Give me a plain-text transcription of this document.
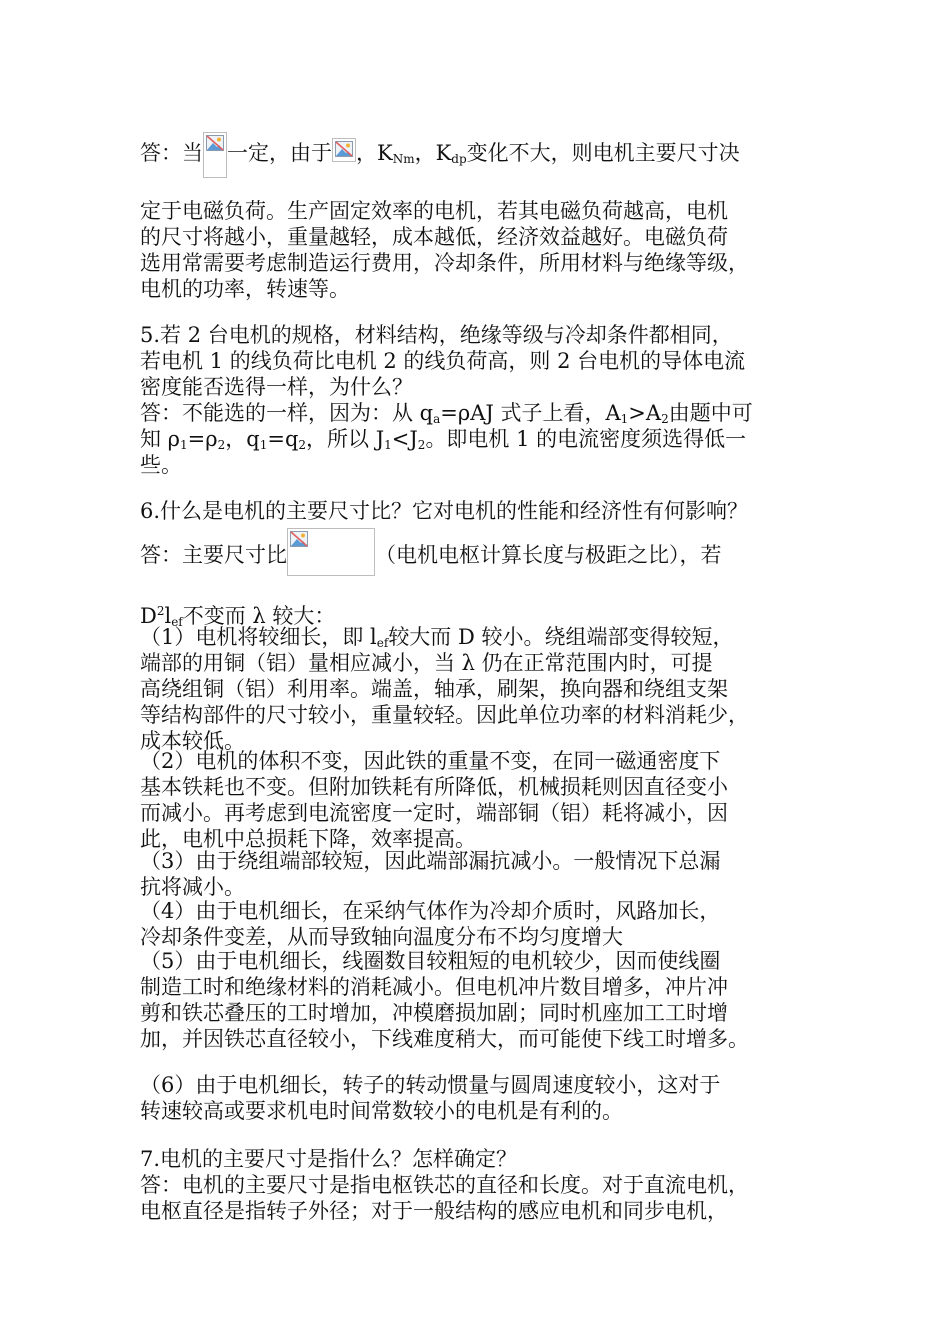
答：当 一定，由于 ，$K_{Nm}$，$K_{dp}$变化不大，则电机主要尺寸决
定于电磁负荷。生产固定效率的电机，若其电磁负荷越高，电机
的尺寸将越小，重量越轻，成本越低，经济效益越好。电磁负荷
选用常需要考虑制造运行费用，冷却条件，所用材料与绝缘等级，
电机的功率，转速等。
5.若 2 台电机的规格，材料结构，绝缘等级与冷却条件都相同，
若电机 1 的线负荷比电机 2 的线负荷高，则 2 台电机的导体电流
密度能否选得一样，为什么？
答：不能选的一样，因为：从 $q_a=\rho AJ$ 式子上看，$A_1>A_2$由题中可
知 $\rho_1=\rho_2$，$q_1=q_2$，所以 $J_1<J_2$。即电机 1 的电流密度须选得低一
些。
6.什么是电机的主要尺寸比？它对电机的性能和经济性有何影响？
答：主要尺寸比	（电机电枢计算长度与极距之比），若
$D^2l_{ef}$不变而 λ 较大：
（1）电机将较细长，即 $l_{ef}$较大而 D 较小。绕组端部变得较短，
端部的用铜（铝）量相应减小，当 λ 仍在正常范围内时，可提
高绕组铜（铝）利用率。端盖，轴承，刷架，换向器和绕组支架
等结构部件的尺寸较小，重量较轻。因此单位功率的材料消耗少，
成本较低。
（2）电机的体积不变，因此铁的重量不变，在同一磁通密度下
基本铁耗也不变。但附加铁耗有所降低，机械损耗则因直径变小
而减小。再考虑到电流密度一定时，端部铜（铝）耗将减小，因
此，电机中总损耗下降，效率提高。
（3）由于绕组端部较短，因此端部漏抗减小。一般情况下总漏
抗将减小。
（4）由于电机细长，在采纳气体作为冷却介质时，风路加长，
冷却条件变差，从而导致轴向温度分布不均匀度增大
（5）由于电机细长，线圈数目较粗短的电机较少，因而使线圈
制造工时和绝缘材料的消耗减小。但电机冲片数目增多，冲片冲
剪和铁芯叠压的工时增加，冲模磨损加剧；同时机座加工工时增
加，并因铁芯直径较小，下线难度稍大，而可能使下线工时增多。
（6）由于电机细长，转子的转动惯量与圆周速度较小，这对于
转速较高或要求机电时间常数较小的电机是有利的。
7.电机的主要尺寸是指什么？怎样确定？
答：电机的主要尺寸是指电枢铁芯的直径和长度。对于直流电机，
电枢直径是指转子外径；对于一般结构的感应电机和同步电机，
